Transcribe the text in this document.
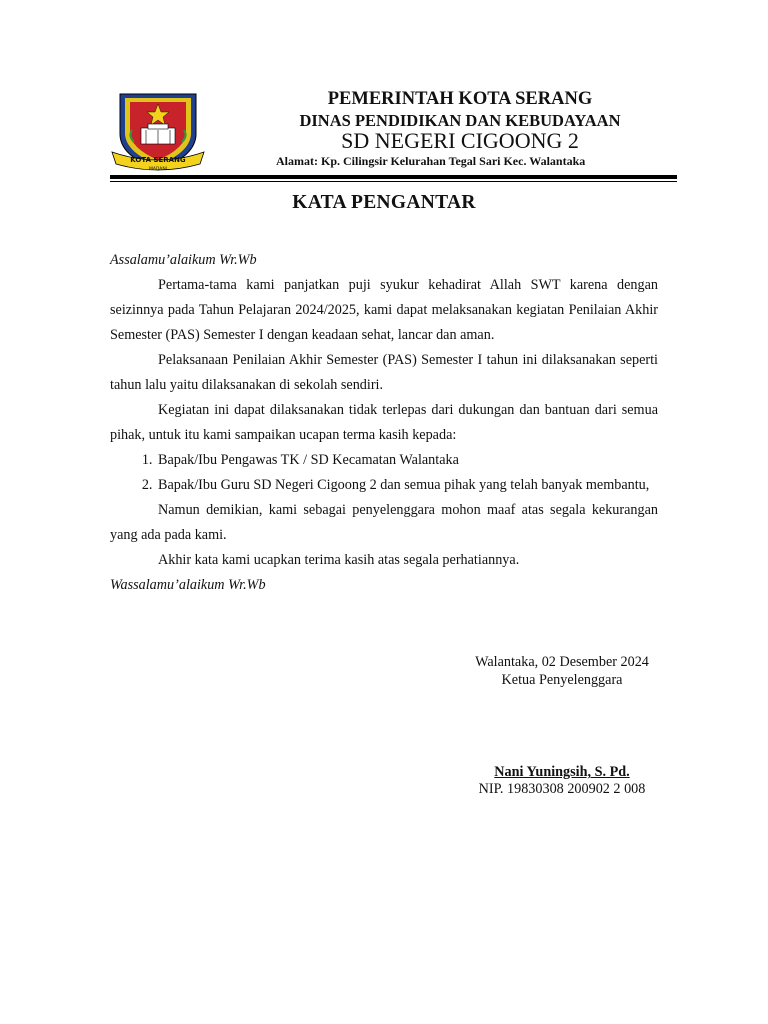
KOTA SERANG
MADANI
PEMERINTAH KOTA SERANG
DINAS PENDIDIKAN DAN KEBUDAYAAN
SD NEGERI CIGOONG 2
Alamat: Kp. Cilingsir Kelurahan Tegal Sari Kec. Walantaka
KATA PENGANTAR

Assalamu’alaikum Wr.Wb

Pertama-tama kami panjatkan puji syukur kehadirat Allah SWT karena dengan seizinnya pada Tahun Pelajaran 2024/2025, kami dapat melaksanakan kegiatan Penilaian Akhir Semester (PAS) Semester I dengan keadaan sehat, lancar dan aman.

Pelaksanaan Penilaian Akhir Semester (PAS) Semester I tahun ini dilaksanakan seperti tahun lalu yaitu dilaksanakan di sekolah sendiri.

Kegiatan ini dapat dilaksanakan tidak terlepas dari dukungan dan bantuan dari semua pihak, untuk itu kami sampaikan ucapan terma kasih kepada:

1. Bapak/Ibu Pengawas TK / SD Kecamatan Walantaka
2. Bapak/Ibu Guru SD Negeri Cigoong 2 dan semua pihak yang telah banyak membantu,

Namun demikian, kami sebagai penyelenggara mohon maaf atas segala kekurangan yang ada pada kami.

Akhir kata kami ucapkan terima kasih atas segala perhatiannya.

Wassalamu’alaikum Wr.Wb

Walantaka, 02 Desember 2024
Ketua Penyelenggara
Nani Yuningsih, S. Pd.
NIP. 19830308 200902 2 008
